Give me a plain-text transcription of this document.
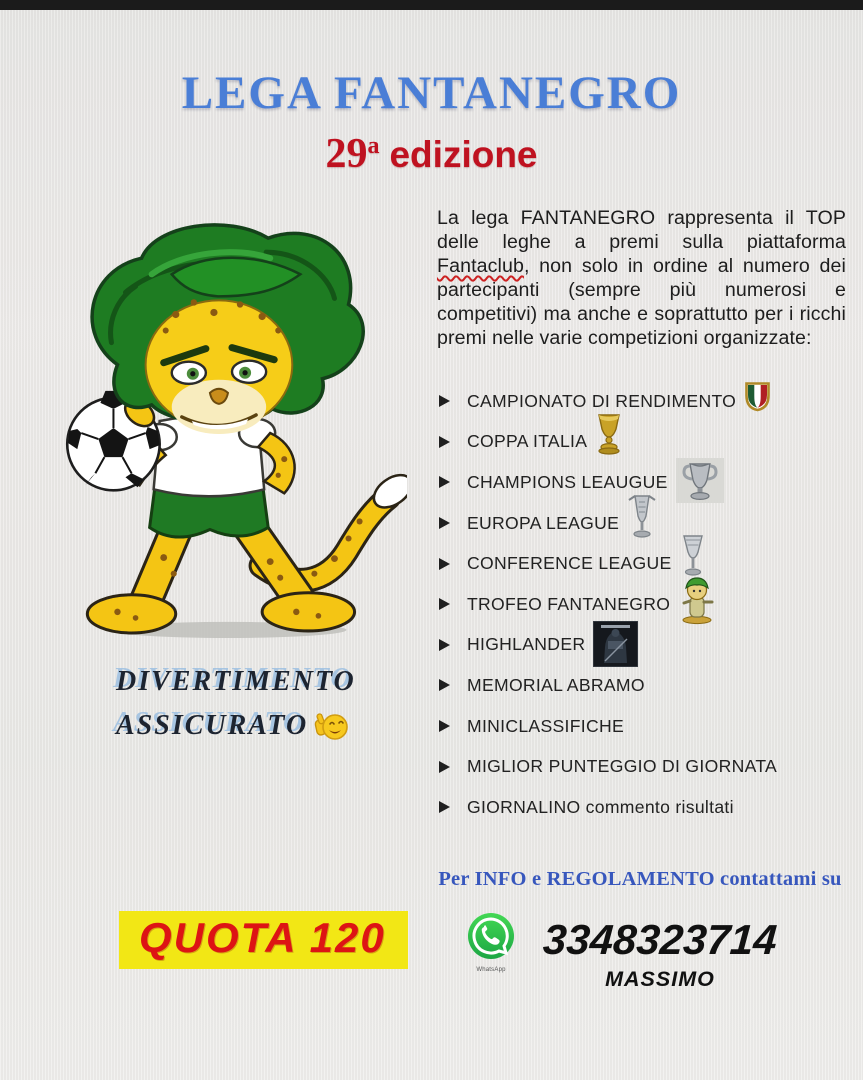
LEGA FANTANEGRO
29a edizione

La lega FANTANEGRO rappresenta il TOP delle leghe a premi sulla piattaforma Fantaclub, non solo in ordine al numero dei partecipanti (sempre più numerosi e competitivi) ma anche e soprattutto per i ricchi premi nelle varie competizioni organizzate:

CAMPIONATO DI RENDIMENTO
COPPA ITALIA
CHAMPIONS LEAUGUE
EUROPA LEAGUE
CONFERENCE LEAGUE
TROFEO FANTANEGRO
HIGHLANDER
MEMORIAL ABRAMO
MINICLASSIFICHE
MIGLIOR PUNTEGGIO DI GIORNATA
GIORNALINO commento risultati
DIVERTIMENTO
ASSICURATO
Per INFO e REGOLAMENTO contattami su
QUOTA 120
WhatsApp
3348323714
MASSIMO
